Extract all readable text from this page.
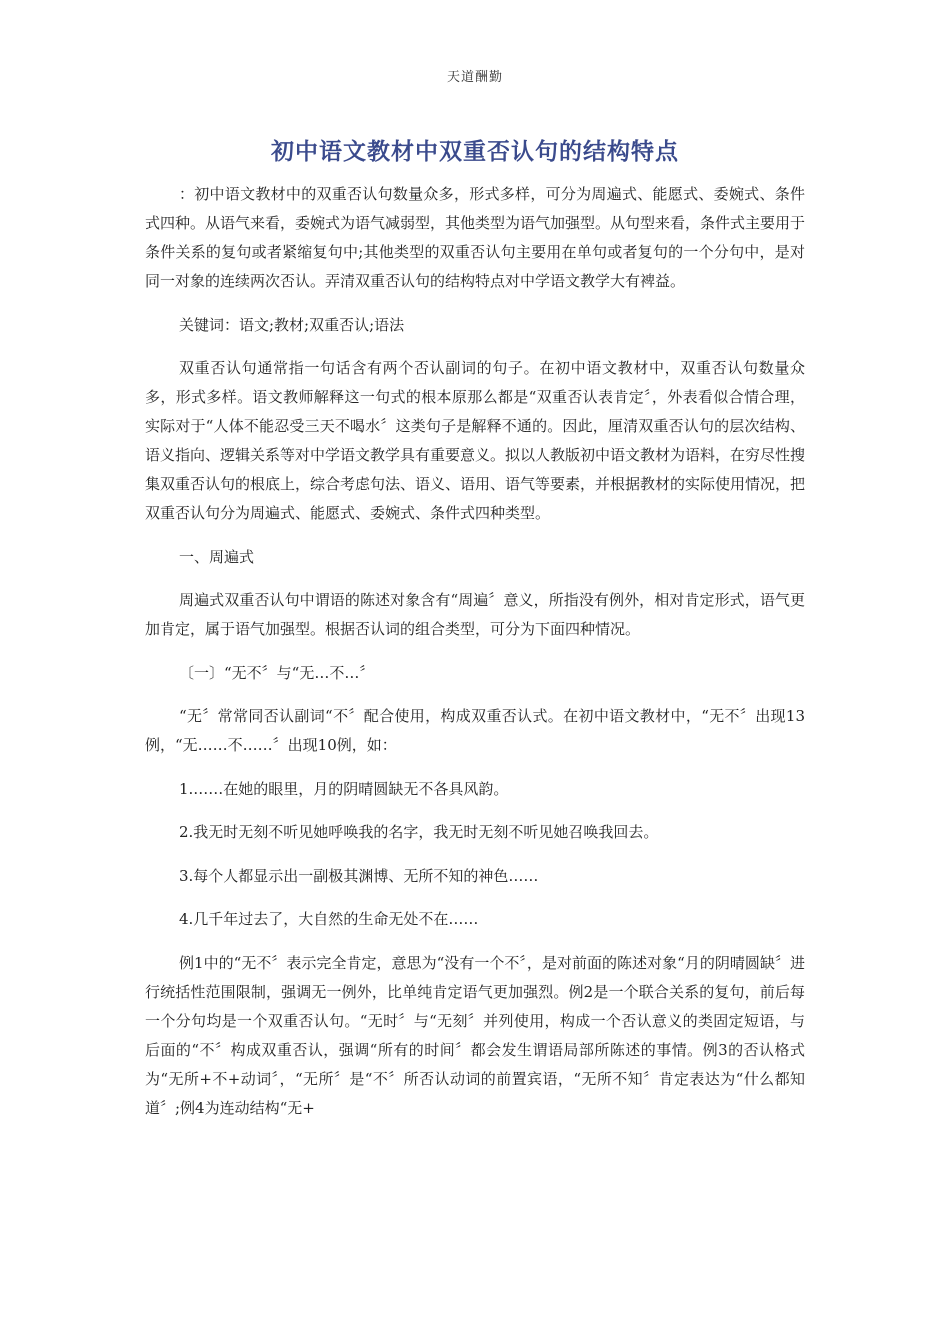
天道酬勤
初中语文教材中双重否认句的结构特点

：初中语文教材中的双重否认句数量众多，形式多样，可分为周遍式、能愿式、委婉式、条件式四种。从语气来看，委婉式为语气减弱型，其他类型为语气加强型。从句型来看，条件式主要用于条件关系的复句或者紧缩复句中;其他类型的双重否认句主要用在单句或者复句的一个分句中，是对同一对象的连续两次否认。弄清双重否认句的结构特点对中学语文教学大有裨益。

关键词：语文;教材;双重否认;语法

双重否认句通常指一句话含有两个否认副词的句子。在初中语文教材中，双重否认句数量众多，形式多样。语文教师解释这一句式的根本原那么都是“双重否认表肯定〞，外表看似合情合理，实际对于“人体不能忍受三天不喝水〞这类句子是解释不通的。因此，厘清双重否认句的层次结构、语义指向、逻辑关系等对中学语文教学具有重要意义。拟以人教版初中语文教材为语料，在穷尽性搜集双重否认句的根底上，综合考虑句法、语义、语用、语气等要素，并根据教材的实际使用情况，把双重否认句分为周遍式、能愿式、委婉式、条件式四种类型。

一、周遍式

周遍式双重否认句中谓语的陈述对象含有“周遍〞意义，所指没有例外，相对肯定形式，语气更加肯定，属于语气加强型。根据否认词的组合类型，可分为下面四种情况。

〔一〕“无不〞与“无…不…〞

“无〞常常同否认副词“不〞配合使用，构成双重否认式。在初中语文教材中，“无不〞出现13例，“无……不……〞出现10例，如：

1.……在她的眼里，月的阴晴圆缺无不各具风韵。

2.我无时无刻不听见她呼唤我的名字，我无时无刻不听见她召唤我回去。

3.每个人都显示出一副极其渊博、无所不知的神色……

4.几千年过去了，大自然的生命无处不在……

例1中的“无不〞表示完全肯定，意思为“没有一个不〞，是对前面的陈述对象“月的阴晴圆缺〞进行统括性范围限制，强调无一例外，比单纯肯定语气更加强烈。例2是一个联合关系的复句，前后每一个分句均是一个双重否认句。“无时〞与“无刻〞并列使用，构成一个否认意义的类固定短语，与后面的“不〞构成双重否认，强调“所有的时间〞都会发生谓语局部所陈述的事情。例3的否认格式为“无所+不+动词〞，“无所〞是“不〞所否认动词的前置宾语，“无所不知〞肯定表达为“什么都知道〞;例4为连动结构“无+
